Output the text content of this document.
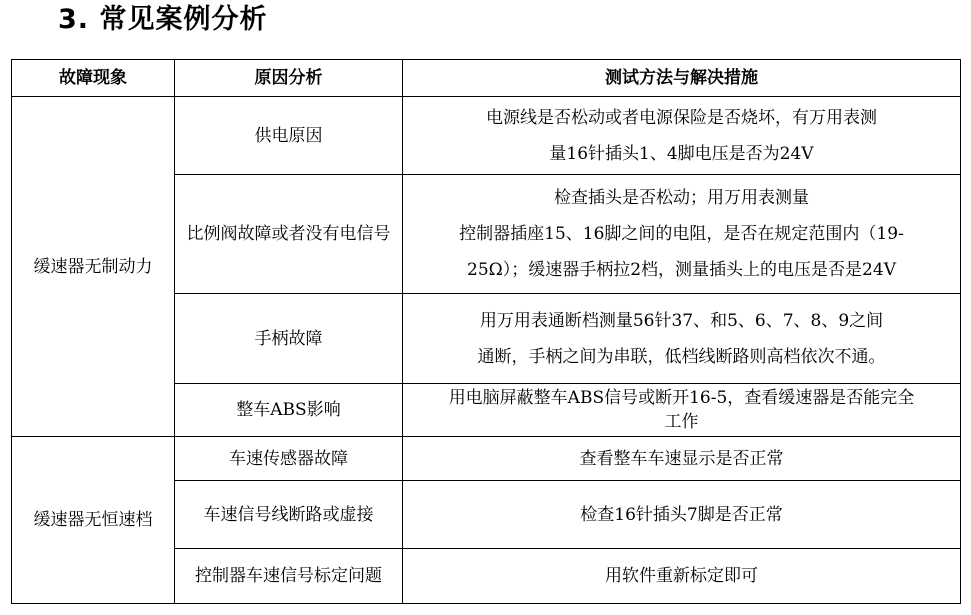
3. 常见案例分析
故障现象	原因分析	测试方法与解决措施
缓速器无制动力	供电原因	电源线是否松动或者电源保险是否烧坏，有万用表测
量16针插头1、4脚电压是否为24V

	比例阀故障或者没有电信号	检查插头是否松动；用万用表测量
控制器插座15、16脚之间的电阻，是否在规定范围内（19-
25Ω）；缓速器手柄拉2档，测量插头上的电压是否是24V

	手柄故障	用万用表通断档测量56针37、和5、6、7、8、9之间
通断，手柄之间为串联，低档线断路则高档依次不通。

	整车ABS影响	用电脑屏蔽整车ABS信号或断开16-5，查看缓速器是否能完全
工作

缓速器无恒速档	车速传感器故障	查看整车车速显示是否正常

	车速信号线断路或虚接	检查16针插头7脚是否正常

	控制器车速信号标定问题	用软件重新标定即可
